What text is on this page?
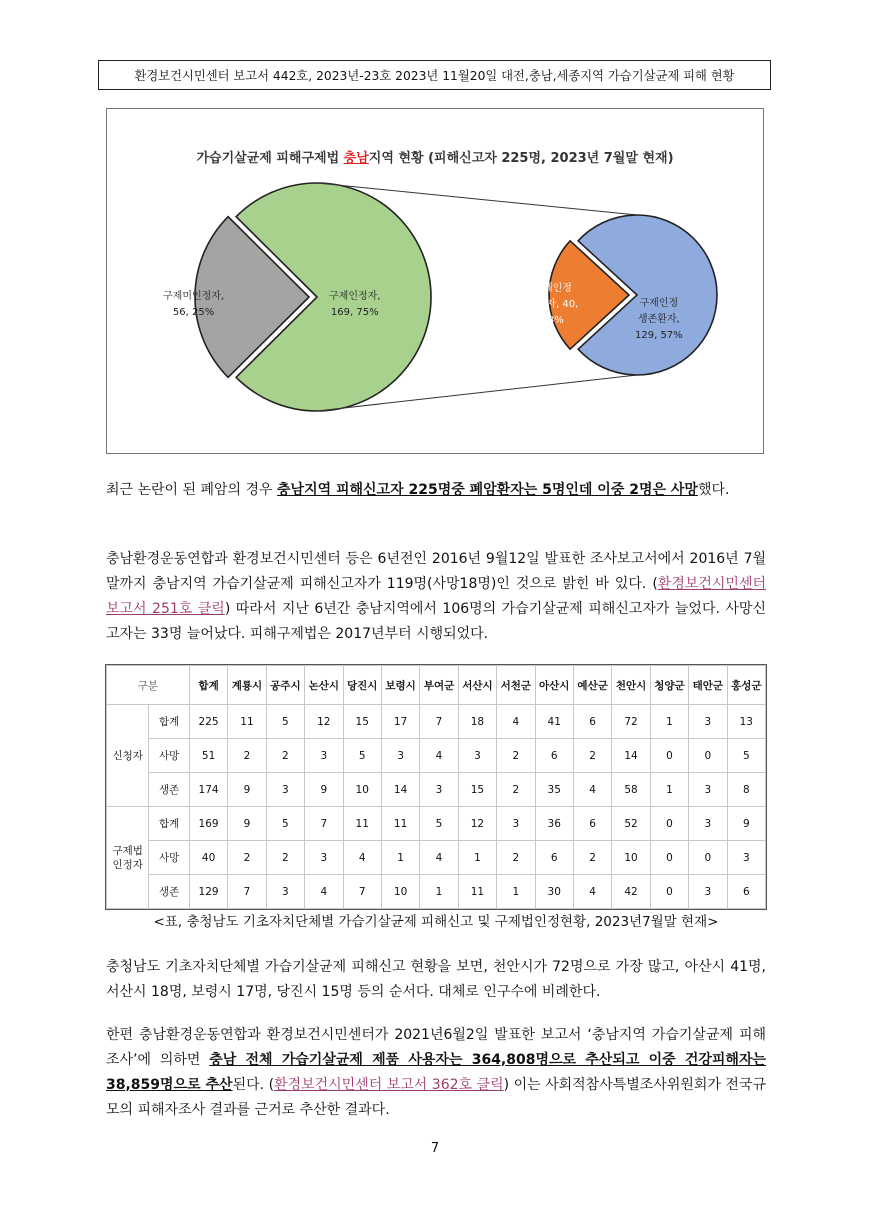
환경보건시민센터 보고서 442호, 2023년-23호 2023년 11월20일 대전,충남,세종지역 가습기살균제 피해 현황
가습기살균제 피해구제법 충남지역 현황 (피해신고자 225명, 2023년 7월말 현재)
구제인정자,
169, 75%
구제미인정자,
56, 25%
구제인정
생존환자,
129, 57%
구제인정
사망자, 40,
18%
최근 논란이 된 폐암의 경우 충남지역 피해신고자 225명중 폐암환자는 5명인데 이중 2명은 사망했다.
충남환경운동연합과 환경보건시민센터 등은 6년전인 2016년 9월12일 발표한 조사보고서에서 2016년 7월말까지 충남지역 가습기살균제 피해신고자가 119명(사망18명)인 것으로 밝힌 바 있다. (환경보건시민센터 보고서 251호 클릭) 따라서 지난 6년간 충남지역에서 106명의 가습기살균제 피해신고자가 늘었다. 사망신고자는 33명 늘어났다. 피해구제법은 2017년부터 시행되었다.
구분		합계	계룡시	공주시	논산시	당진시	보령시	부여군	서산시	서천군	아산시	예산군	천안시	청양군	태안군	홍성군
신청자	합계	225	11	5	12	15	17	7	18	4	41	6	72	1	3	13
	사망	51	2	2	3	5	3	4	3	2	6	2	14	0	0	5
	생존	174	9	3	9	10	14	3	15	2	35	4	58	1	3	8
구제법
인정자	합계	169	9	5	7	11	11	5	12	3	36	6	52	0	3	9
	사망	40	2	2	3	4	1	4	1	2	6	2	10	0	0	3
	생존	129	7	3	4	7	10	1	11	1	30	4	42	0	3	6
<표, 충청남도 기초자치단체별 가습기살균제 피해신고 및 구제법인정현황, 2023년7월말 현재>
충청남도 기초자치단체별 가습기살균제 피해신고 현황을 보면, 천안시가 72명으로 가장 많고, 아산시 41명, 서산시 18명, 보령시 17명, 당진시 15명 등의 순서다. 대체로 인구수에 비례한다.
한편 충남환경운동연합과 환경보건시민센터가 2021년6월2일 발표한 보고서 ‘충남지역 가습기살균제 피해조사’에 의하면 충남 전체 가습기살균제 제품 사용자는 364,808명으로 추산되고 이중 건강피해자는 38,859명으로 추산된다. (환경보건시민센터 보고서 362호 클릭) 이는 사회적참사특별조사위원회가 전국규모의 피해자조사 결과를 근거로 추산한 결과다.
7
